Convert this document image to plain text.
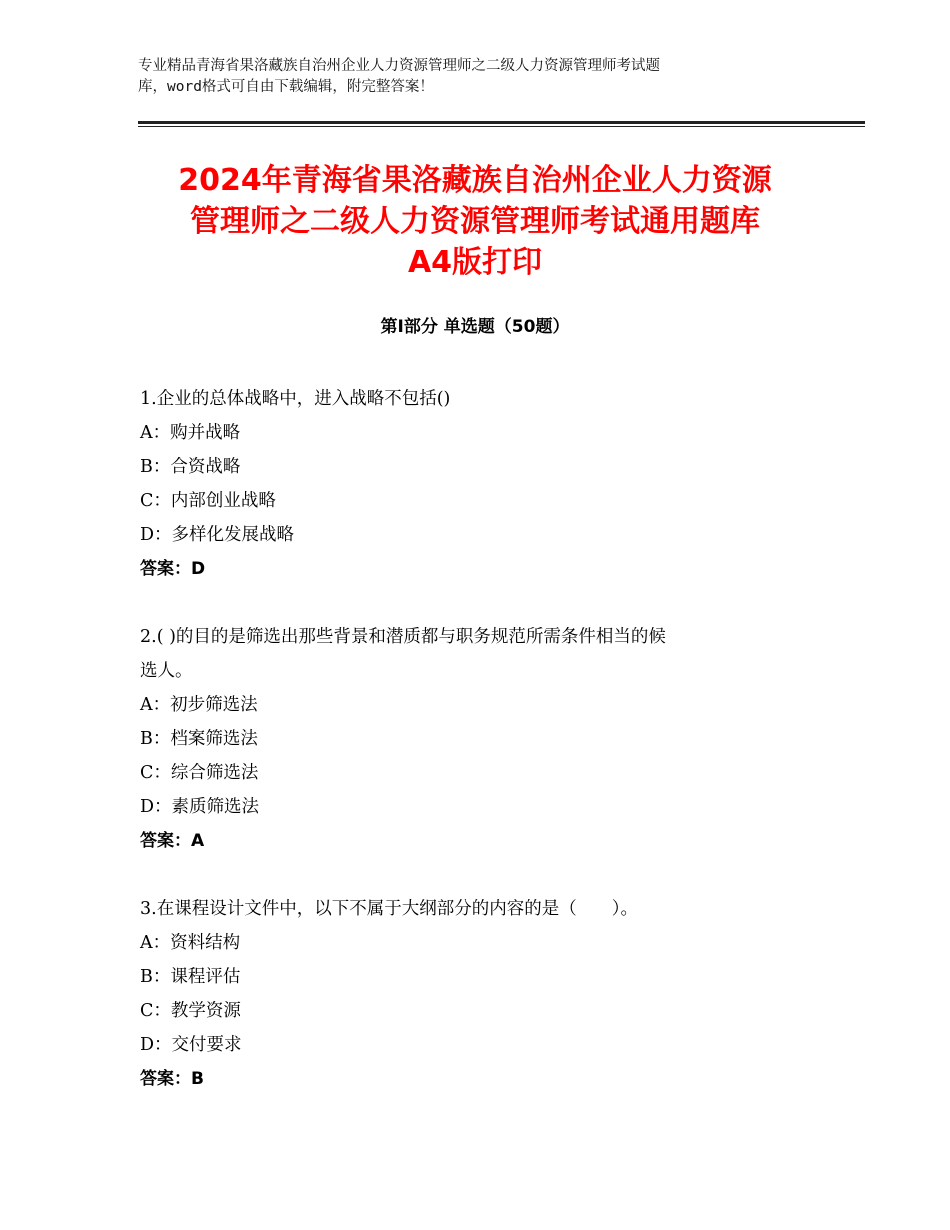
专业精品青海省果洛藏族自治州企业人力资源管理师之二级人力资源管理师考试题
库，word格式可自由下载编辑，附完整答案！
2024年青海省果洛藏族自治州企业人力资源
管理师之二级人力资源管理师考试通用题库
A4版打印
第Ⅰ部分 单选题（50题）
1.企业的总体战略中，进入战略不包括()
A：购并战略
B：合资战略
C：内部创业战略
D：多样化发展战略
答案：D
2.( )的目的是筛选出那些背景和潜质都与职务规范所需条件相当的候
选人。
A：初步筛选法
B：档案筛选法
C：综合筛选法
D：素质筛选法
答案：A
3.在课程设计文件中，以下不属于大纲部分的内容的是（　　）。
A：资料结构
B：课程评估
C：教学资源
D：交付要求
答案：B
